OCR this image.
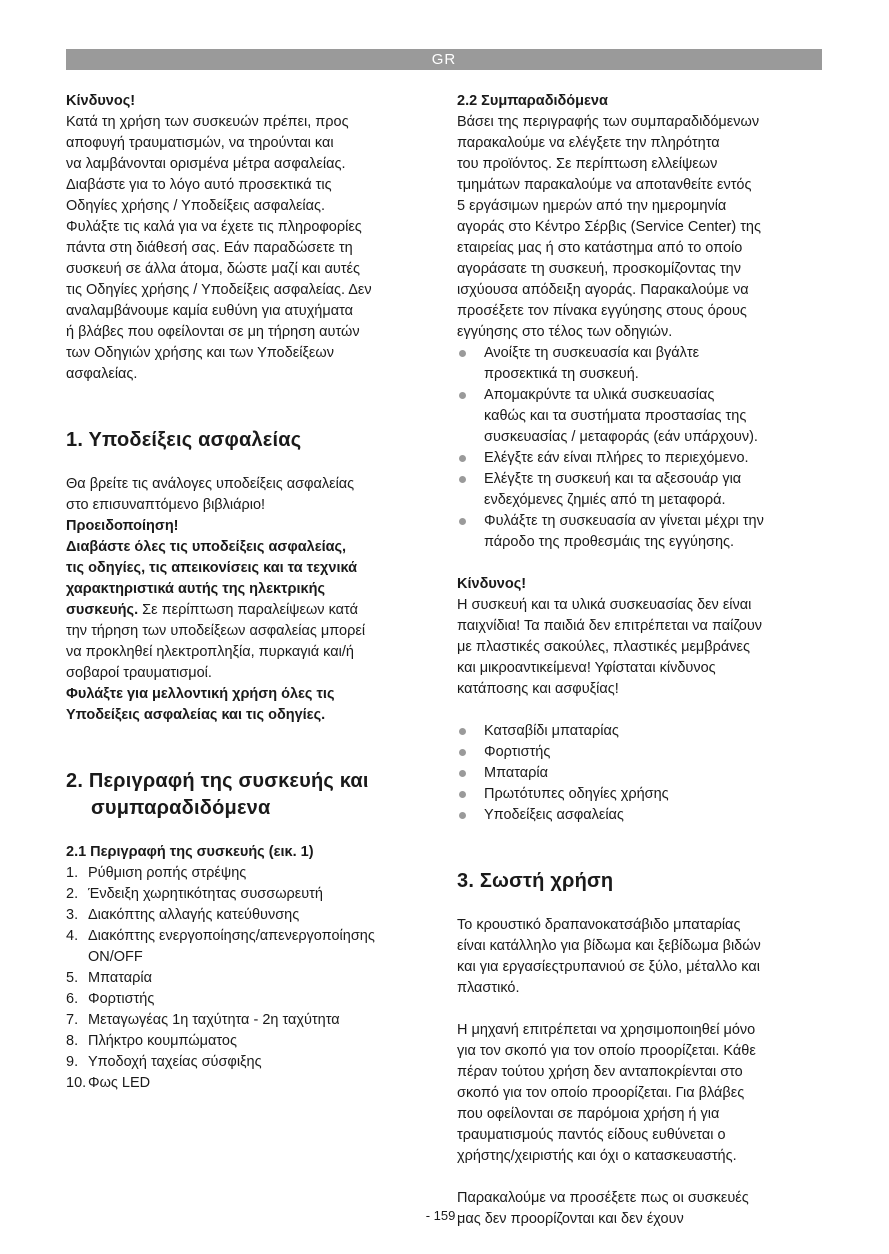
GR

Κίνδυνος!

Κατά τη χρήση των συσκευών πρέπει, προς

αποφυγή τραυματισμών, να τηρούνται και

να λαμβάνονται ορισμένα μέτρα ασφαλείας.

Διαβάστε για το λόγο αυτό προσεκτικά τις

Οδηγίες χρήσης / Υποδείξεις ασφαλείας.

Φυλάξτε τις καλά για να έχετε τις πληροφορίες

πάντα στη διάθεσή σας. Εάν παραδώσετε τη

συσκευή σε άλλα άτομα, δώστε μαζί και αυτές

τις Οδηγίες χρήσης / Υποδείξεις ασφαλείας. Δεν

αναλαμβάνουμε καμία ευθύνη για ατυχήματα

ή βλάβες που οφείλονται σε μη τήρηση αυτών

των Οδηγιών χρήσης και των Υποδείξεων

ασφαλείας.

1. Υποδείξεις ασφαλείας

Θα βρείτε τις ανάλογες υποδείξεις ασφαλείας

στο επισυναπτόμενο βιβλιάριο!

Προειδοποίηση!

Διαβάστε όλες τις υποδείξεις ασφαλείας,

τις οδηγίες, τις απεικονίσεις και τα τεχνικά

χαρακτηριστικά αυτής της ηλεκτρικής

συσκευής. Σε περίπτωση παραλείψεων κατά

την τήρηση των υποδείξεων ασφαλείας μπορεί

να προκληθεί ηλεκτροπληξία, πυρκαγιά και/ή

σοβαροί τραυματισμοί.

Φυλάξτε για μελλοντική χρήση όλες τις

Υποδείξεις ασφαλείας και τις οδηγίες.

2. Περιγραφή της συσκευής και
συμπαραδιδόμενα

2.1 Περιγραφή της συσκευής (εικ. 1)

1. Ρύθμιση ροπής στρέψης
2. Ένδειξη χωρητικότητας συσσωρευτή
3. Διακόπτης αλλαγής κατεύθυνσης
4. Διακόπτης ενεργοποίησης/απενεργοποίησης
ON/OFF
5. Μπαταρία
6. Φορτιστής
7. Μεταγωγέας 1η ταχύτητα - 2η ταχύτητα
8. Πλήκτρο κουμπώματος
9. Υποδοχή ταχείας σύσφιξης
10. Φως LED

2.2 Συμπαραδιδόμενα

Βάσει της περιγραφής των συμπαραδιδόμενων

παρακαλούμε να ελέγξετε την πληρότητα

του προϊόντος. Σε περίπτωση ελλείψεων

τμημάτων παρακαλούμε να αποτανθείτε εντός

5 εργάσιμων ημερών από την ημερομηνία

αγοράς στο Κέντρο Σέρβις (Service Center) της

εταιρείας μας ή στο κατάστημα από το οποίο

αγοράσατε τη συσκευή, προσκομίζοντας την

ισχύουσα απόδειξη αγοράς. Παρακαλούμε να

προσέξετε τον πίνακα εγγύησης στους όρους

εγγύησης στο τέλος των οδηγιών.

Ανοίξτε τη συσκευασία και βγάλτε
προσεκτικά τη συσκευή.
Απομακρύντε τα υλικά συσκευασίας
καθώς και τα συστήματα προστασίας της
συσκευασίας / μεταφοράς (εάν υπάρχουν).
Ελέγξτε εάν είναι πλήρες το περιεχόμενο.
Ελέγξτε τη συσκευή και τα αξεσουάρ για
ενδεχόμενες ζημιές από τη μεταφορά.
Φυλάξτε τη συσκευασία αν γίνεται μέχρι την
πάροδο της προθεσμάις της εγγύησης.

Κίνδυνος!

Η συσκευή και τα υλικά συσκευασίας δεν είναι

παιχνίδια! Τα παιδιά δεν επιτρέπεται να παίζουν

με πλαστικές σακούλες, πλαστικές μεμβράνες

και μικροαντικείμενα! Υφίσταται κίνδυνος

κατάποσης και ασφυξίας!

Κατσαβίδι μπαταρίας
Φορτιστής
Μπαταρία
Πρωτότυπες οδηγίες χρήσης
Υποδείξεις ασφαλείας
3. Σωστή χρήση

Το κρουστικό δραπανοκατσάβιδο μπαταρίας

είναι κατάλληλο για βίδωμα και ξεβίδωμα βιδών

και για εργασίεςτρυπανιού σε ξύλο, μέταλλο και

πλαστικό.

Η μηχανή επιτρέπεται να χρησιμοποιηθεί μόνο

για τον σκοπό για τον οποίο προορίζεται. Κάθε

πέραν τούτου χρήση δεν ανταποκρίενται στο

σκοπό για τον οποίο προορίζεται. Για βλάβες

που οφείλονται σε παρόμοια χρήση ή για

τραυματισμούς παντός είδους ευθύνεται ο

χρήστης/χειριστής και όχι ο κατασκευαστής.

Παρακαλούμε να προσέξετε πως οι συσκευές

μας δεν προορίζονται και δεν έχουν

- 159 -
